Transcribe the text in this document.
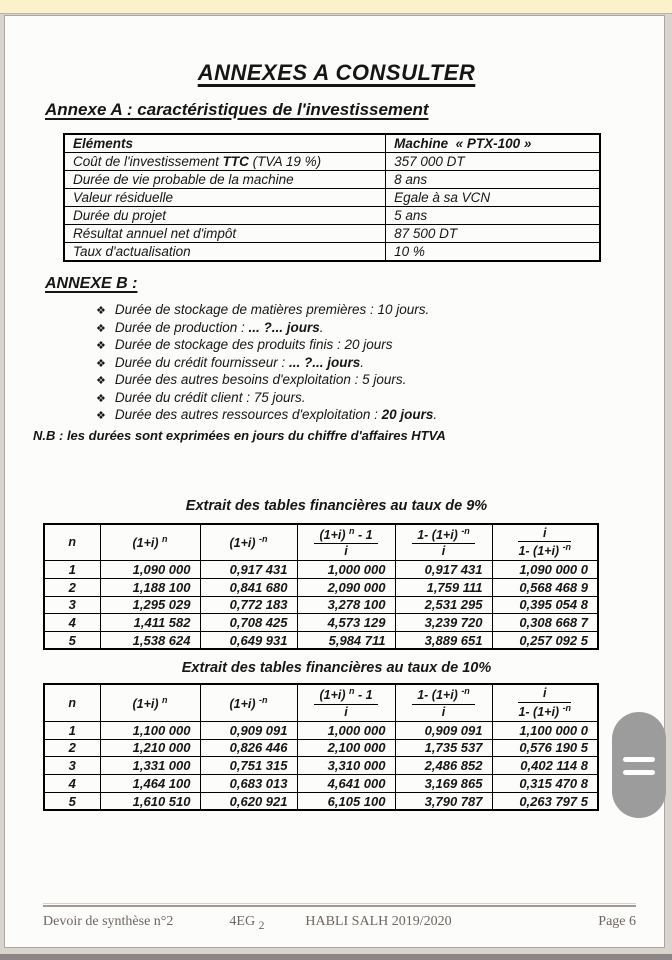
ANNEXES A CONSULTER
Annexe A : caractéristiques de l'investissement
Eléments	Machine  « PTX-100 »
Coût de l'investissement TTC (TVA 19 %)	357 000 DT
Durée de vie probable de la machine	8 ans
Valeur résiduelle	Egale à sa VCN
Durée du projet	5 ans
Résultat annuel net d'impôt	87 500 DT
Taux d'actualisation	10 %
ANNEXE B :
❖ Durée de stockage de matières premières : 10 jours.
❖ Durée de production : ... ?... jours.
❖ Durée de stockage des produits finis : 20 jours
❖ Durée du crédit fournisseur : ... ?... jours.
❖ Durée des autres besoins d'exploitation : 5 jours.
❖ Durée du crédit client : 75 jours.
❖ Durée des autres ressources d'exploitation : 20 jours.

N.B : les durées sont exprimées en jours du chiffre d'affaires HTVA

Extrait des tables financières au taux de 9%

n	(1+i) $^n$	(1+i) $^{-n}$	$\frac{(1+i) ^n - 1}{i}$	$\frac{1- (1+i) ^{-n}}{i}$	$\frac{i}{1- (1+i) ^{-n}}$

1	1,090 000	0,917 431	1,000 000	0,917 431	1,090 000 0
2	1,188 100	0,841 680	2,090 000	1,759 111	0,568 468 9
3	1,295 029	0,772 183	3,278 100	2,531 295	0,395 054 8
4	1,411 582	0,708 425	4,573 129	3,239 720	0,308 668 7
5	1,538 624	0,649 931	5,984 711	3,889 651	0,257 092 5

Extrait des tables financières au taux de 10%

n	(1+i) $^n$	(1+i) $^{-n}$	$\frac{(1+i) ^n - 1}{i}$	$\frac{1- (1+i) ^{-n}}{i}$	$\frac{i}{1- (1+i) ^{-n}}$

1	1,100 000	0,909 091	1,000 000	0,909 091	1,100 000 0
2	1,210 000	0,826 446	2,100 000	1,735 537	0,576 190 5
3	1,331 000	0,751 315	3,310 000	2,486 852	0,402 114 8
4	1,464 100	0,683 013	4,641 000	3,169 865	0,315 470 8
5	1,610 510	0,620 921	6,105 100	3,790 787	0,263 797 5
Devoir de synthèse n°2	4EG $_2$	HABLI SALH 2019/2020	Page 6
